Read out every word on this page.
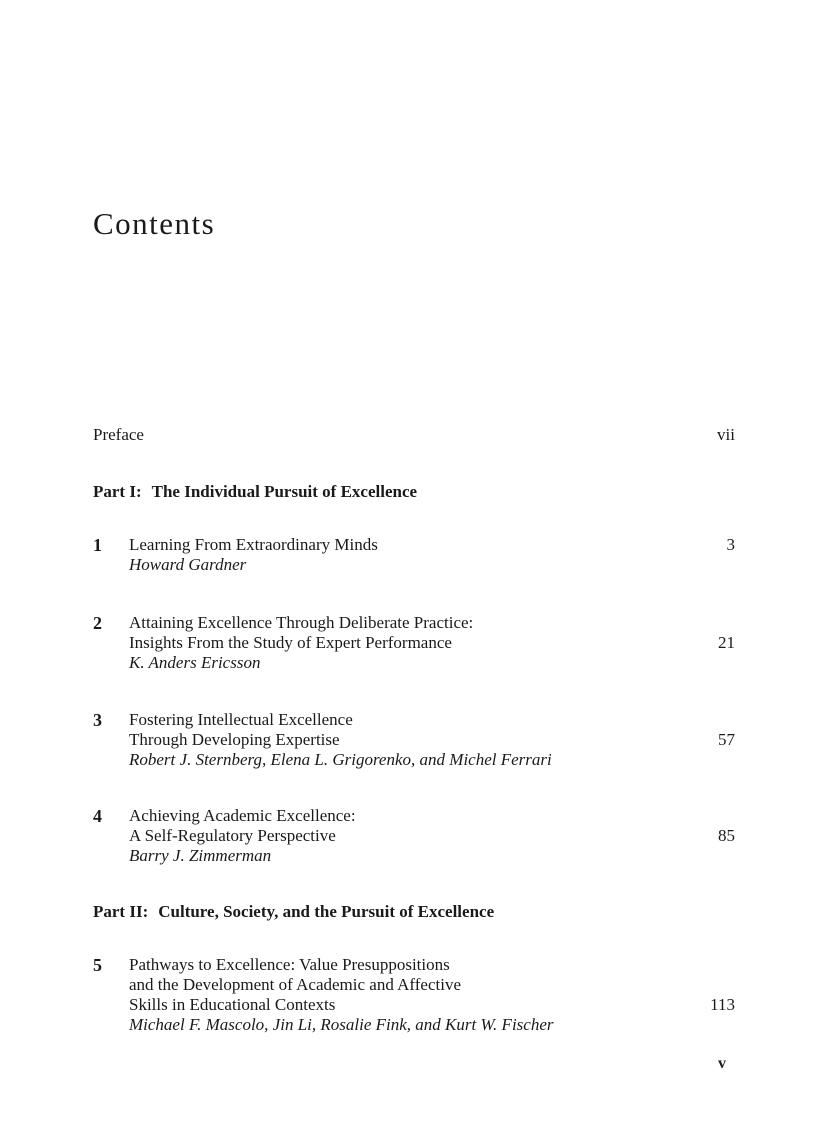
Contents
Preface	vii
Part I: The Individual Pursuit of Excellence
1 Learning From Extraordinary Minds
Howard Gardner
3
2 Attaining Excellence Through Deliberate Practice:
Insights From the Study of Expert Performance
K. Anders Ericsson
21
3 Fostering Intellectual Excellence
Through Developing Expertise
Robert J. Sternberg, Elena L. Grigorenko, and Michel Ferrari
57
4 Achieving Academic Excellence:
A Self-Regulatory Perspective
Barry J. Zimmerman
85
Part II: Culture, Society, and the Pursuit of Excellence
5 Pathways to Excellence: Value Presuppositions
and the Development of Academic and Affective
Skills in Educational Contexts
Michael F. Mascolo, Jin Li, Rosalie Fink, and Kurt W. Fischer
113
v
